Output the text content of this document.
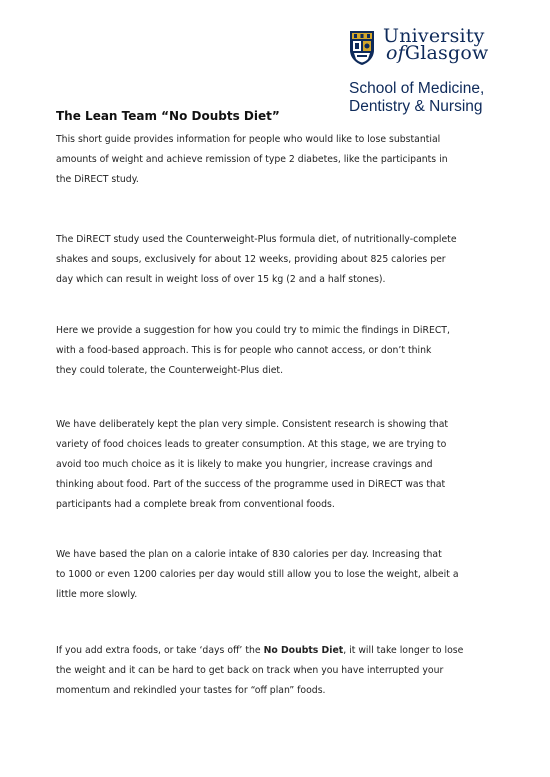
University
ofGlasgow
School of Medicine,
Dentistry & Nursing
The Lean Team “No Doubts Diet”
This short guide provides information for people who would like to lose substantial
amounts of weight and achieve remission of type 2 diabetes, like the participants in
the DiRECT study.
The DiRECT study used the Counterweight-Plus formula diet, of nutritionally-complete
shakes and soups, exclusively for about 12 weeks, providing about 825 calories per
day which can result in weight loss of over 15 kg (2 and a half stones).
Here we provide a suggestion for how you could try to mimic the findings in DiRECT,
with a food-based approach. This is for people who cannot access, or don’t think
they could tolerate, the Counterweight-Plus diet.
We have deliberately kept the plan very simple. Consistent research is showing that
variety of food choices leads to greater consumption. At this stage, we are trying to
avoid too much choice as it is likely to make you hungrier, increase cravings and
thinking about food. Part of the success of the programme used in DiRECT was that
participants had a complete break from conventional foods.
We have based the plan on a calorie intake of 830 calories per day. Increasing that
to 1000 or even 1200 calories per day would still allow you to lose the weight, albeit a
little more slowly.
If you add extra foods, or take ‘days off’ the No Doubts Diet, it will take longer to lose
the weight and it can be hard to get back on track when you have interrupted your
momentum and rekindled your tastes for “off plan” foods.
